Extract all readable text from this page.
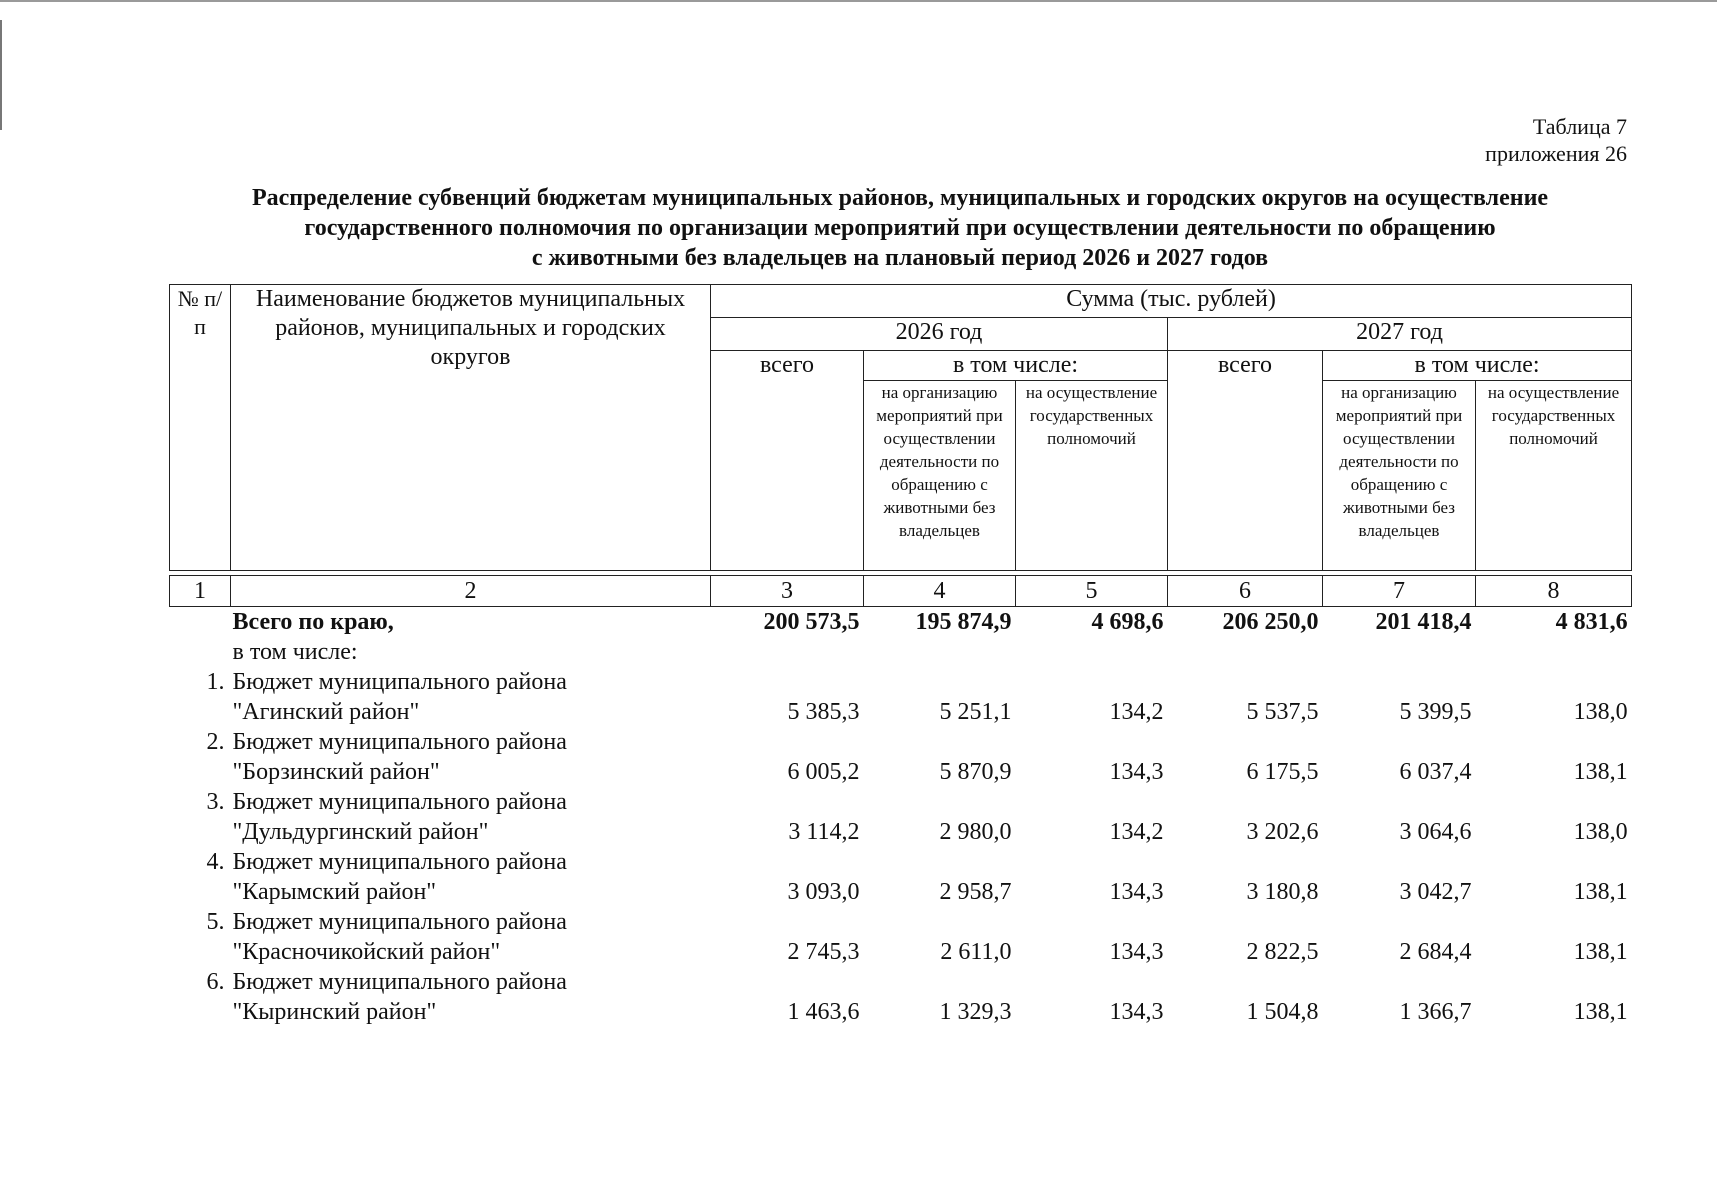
Таблица 7
приложения 26
Распределение субвенций бюджетам муниципальных районов, муниципальных и городских округов на осуществление
государственного полномочия по организации мероприятий при осуществлении деятельности по обращению
с животными без владельцев на плановый период 2026 и 2027 годов
№ п/п	Наименование бюджетов муниципальных районов, муниципальных и городских округов	Сумма (тыс. рублей)					
		2026 год			2027 год		
		всего	в том числе:		всего	в том числе:	
			на организацию мероприятий при осуществлении деятельности по обращению с животными без владельцев	на осуществление государственных полномочий		на организацию мероприятий при осуществлении деятельности по обращению с животными без владельцев	на осуществление государственных полномочий

1	2	3	4	5	6	7	8
	Всего по краю,	200 573,5	195 874,9	4 698,6	206 250,0	201 418,4	4 831,6
	в том числе:						
1.	Бюджет муниципального района						
	"Агинский район"	5 385,3	5 251,1	134,2	5 537,5	5 399,5	138,0
2.	Бюджет муниципального района						
	"Борзинский район"	6 005,2	5 870,9	134,3	6 175,5	6 037,4	138,1
3.	Бюджет муниципального района						
	"Дульдургинский район"	3 114,2	2 980,0	134,2	3 202,6	3 064,6	138,0
4.	Бюджет муниципального района						
	"Карымский район"	3 093,0	2 958,7	134,3	3 180,8	3 042,7	138,1
5.	Бюджет муниципального района						
	"Красночикойский район"	2 745,3	2 611,0	134,3	2 822,5	2 684,4	138,1
6.	Бюджет муниципального района						
	"Кыринский район"	1 463,6	1 329,3	134,3	1 504,8	1 366,7	138,1
